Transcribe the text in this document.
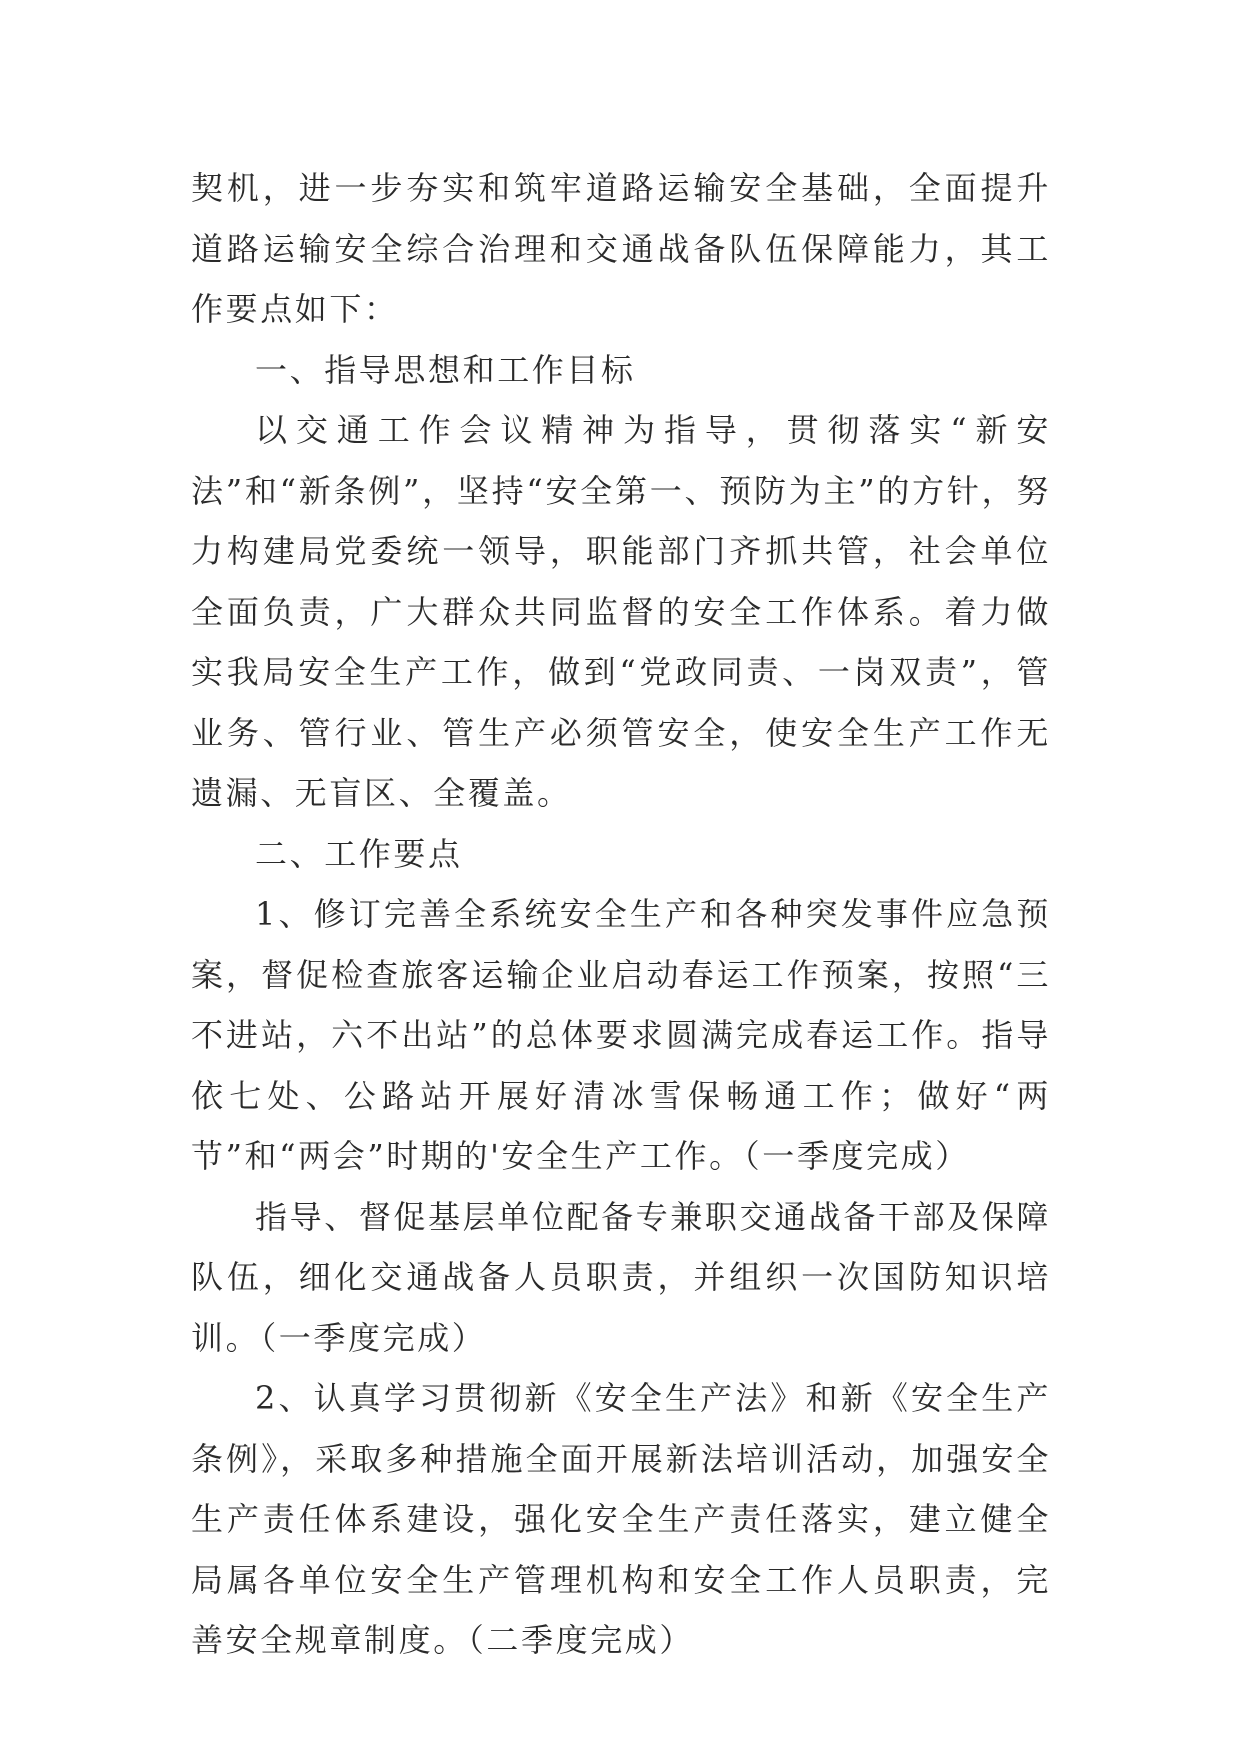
契机，进一步夯实和筑牢道路运输安全基础，全面提升道路运输安全综合治理和交通战备队伍保障能力，其工作要点如下：

一、指导思想和工作目标

以交通工作会议精神为指导，贯彻落实“新安法”和“新条例”，坚持“安全第一、预防为主”的方针，努力构建局党委统一领导，职能部门齐抓共管，社会单位全面负责，广大群众共同监督的安全工作体系。着力做实我局安全生产工作，做到“党政同责、一岗双责”，管业务、管行业、管生产必须管安全，使安全生产工作无遗漏、无盲区、全覆盖。

二、工作要点

1、修订完善全系统安全生产和各种突发事件应急预案，督促检查旅客运输企业启动春运工作预案，按照“三不进站，六不出站”的总体要求圆满完成春运工作。指导依七处、公路站开展好清冰雪保畅通工作；做好“两节”和“两会”时期的'安全生产工作。（一季度完成）

指导、督促基层单位配备专兼职交通战备干部及保障队伍，细化交通战备人员职责，并组织一次国防知识培训。（一季度完成）

2、认真学习贯彻新《安全生产法》和新《安全生产条例》，采取多种措施全面开展新法培训活动，加强安全生产责任体系建设，强化安全生产责任落实，建立健全局属各单位安全生产管理机构和安全工作人员职责，完善安全规章制度。（二季度完成）
